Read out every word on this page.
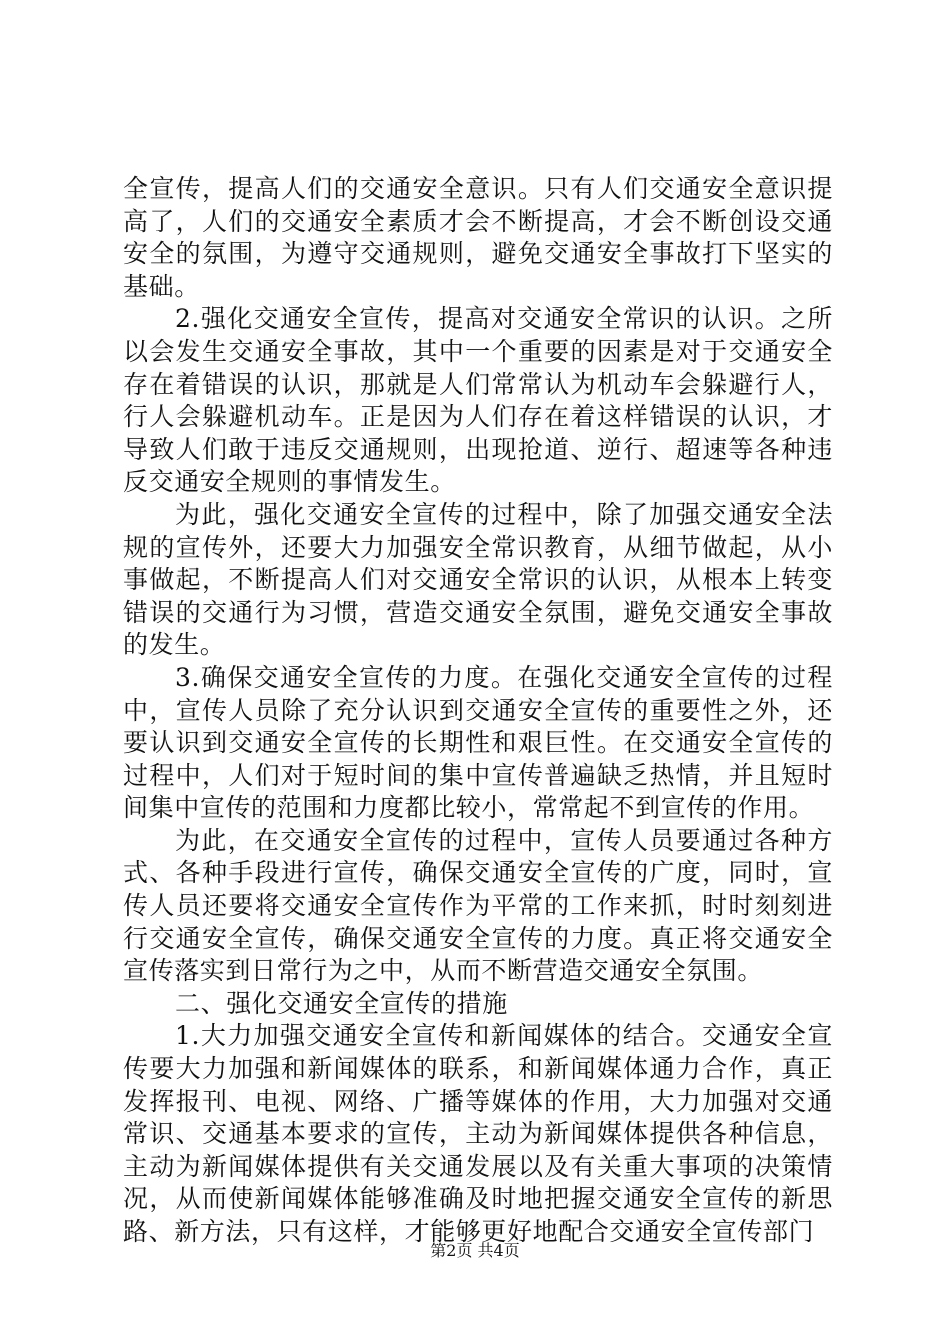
全宣传，提高人们的交通安全意识。只有人们交通安全意识提高了，人们的交通安全素质才会不断提高，才会不断创设交通安全的氛围，为遵守交通规则，避免交通安全事故打下坚实的基础。

2.强化交通安全宣传，提高对交通安全常识的认识。之所以会发生交通安全事故，其中一个重要的因素是对于交通安全存在着错误的认识，那就是人们常常认为机动车会躲避行人，行人会躲避机动车。正是因为人们存在着这样错误的认识，才导致人们敢于违反交通规则，出现抢道、逆行、超速等各种违反交通安全规则的事情发生。

为此，强化交通安全宣传的过程中，除了加强交通安全法规的宣传外，还要大力加强安全常识教育，从细节做起，从小事做起，不断提高人们对交通安全常识的认识，从根本上转变错误的交通行为习惯，营造交通安全氛围，避免交通安全事故的发生。

3.确保交通安全宣传的力度。在强化交通安全宣传的过程中，宣传人员除了充分认识到交通安全宣传的重要性之外，还要认识到交通安全宣传的长期性和艰巨性。在交通安全宣传的过程中，人们对于短时间的集中宣传普遍缺乏热情，并且短时间集中宣传的范围和力度都比较小，常常起不到宣传的作用。

为此，在交通安全宣传的过程中，宣传人员要通过各种方式、各种手段进行宣传，确保交通安全宣传的广度，同时，宣传人员还要将交通安全宣传作为平常的工作来抓，时时刻刻进行交通安全宣传，确保交通安全宣传的力度。真正将交通安全宣传落实到日常行为之中，从而不断营造交通安全氛围。

二、强化交通安全宣传的措施

1.大力加强交通安全宣传和新闻媒体的结合。交通安全宣传要大力加强和新闻媒体的联系，和新闻媒体通力合作，真正发挥报刊、电视、网络、广播等媒体的作用，大力加强对交通常识、交通基本要求的宣传，主动为新闻媒体提供各种信息，主动为新闻媒体提供有关交通发展以及有关重大事项的决策情况，从而使新闻媒体能够准确及时地把握交通安全宣传的新思路、新方法，只有这样，才能够更好地配合交通安全宣传部门

第2页 共4页
